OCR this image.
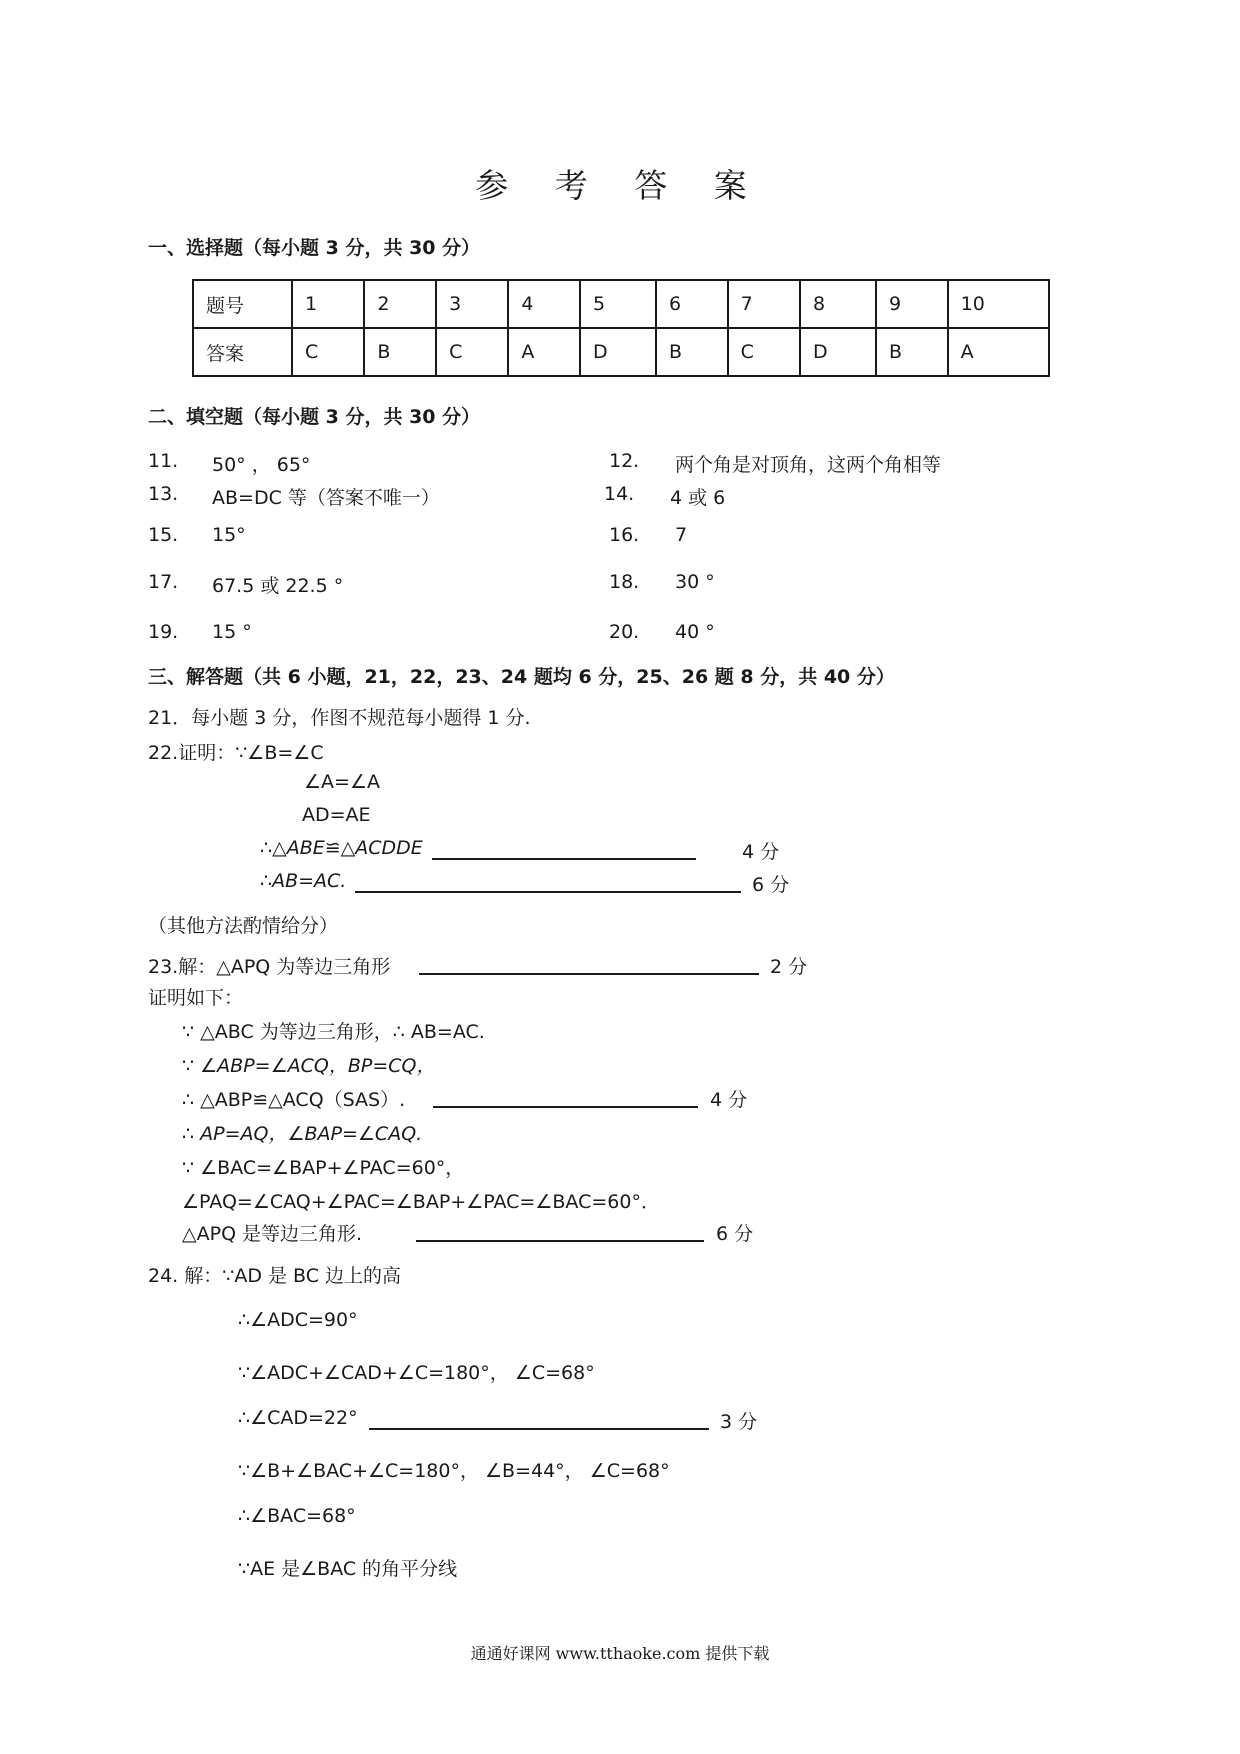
参 考 答 案
一、选择题（每小题 3 分，共 30 分）
题号	1	2	3	4	5	6	7	8	9	10
答案	C	B	C	A	D	B	C	D	B	A
二、填空题（每小题 3 分，共 30 分）
11. 50° ， 65°	12. 两个角是对顶角，这两个角相等
13. AB=DC 等（答案不唯一）	14. 4 或 6
15. 15°	16. 7
17. 67.5 或 22.5 °	18. 30 °
19. 15 °	20. 40 °
三、解答题（共 6 小题，21，22，23、24 题均 6 分，25、26 题 8 分，共 40 分）
21．每小题 3 分，作图不规范每小题得 1 分.
22.证明：∵∠B=∠C
∠A=∠A
AD=AE
∴△ABE≌△ACDDE	4 分
∴AB=AC.	6 分
（其他方法酌情给分）
23.解：△APQ 为等边三角形	2 分
证明如下：
∵ △ABC 为等边三角形，∴ AB=AC.
∵ ∠ABP=∠ACQ，BP=CQ，
∴ △ABP≌△ACQ（SAS）.	4 分
∴ AP=AQ，∠BAP=∠CAQ.
∵ ∠BAC=∠BAP+∠PAC=60°，
∠PAQ=∠CAQ+∠PAC=∠BAP+∠PAC=∠BAC=60°．
△APQ 是等边三角形.	6 分
24. 解：∵AD 是 BC 边上的高
∴∠ADC=90°
∵∠ADC+∠CAD+∠C=180°， ∠C=68°
∴∠CAD=22°	3 分
∵∠B+∠BAC+∠C=180°， ∠B=44°， ∠C=68°
∴∠BAC=68°
∵AE 是∠BAC 的角平分线
通通好课网 www.tthaoke.com 提供下载
